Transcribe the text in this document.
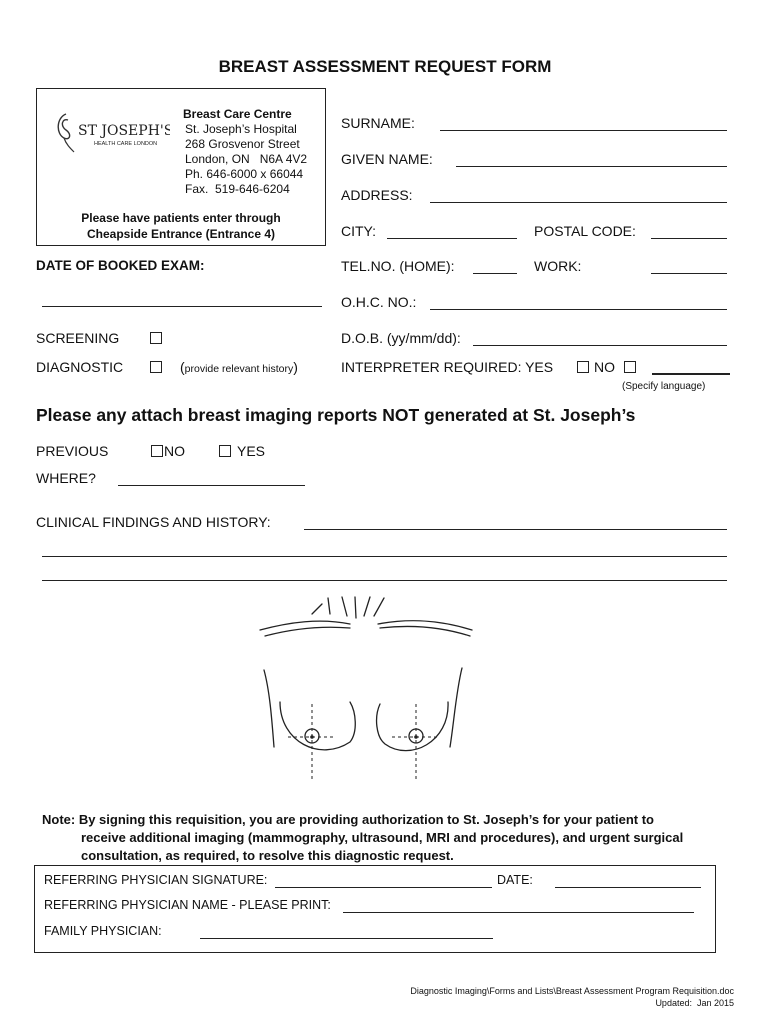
BREAST ASSESSMENT REQUEST FORM
ST JOSEPH'S
HEALTH CARE LONDON
Breast Care Centre
St. Joseph’s Hospital
268 Grosvenor Street
London, ON   N6A 4V2
Ph. 646-6000 x 66044
Fax.  519-646-6204
Please have patients enter through
Cheapside Entrance (Entrance 4)
SURNAME:
GIVEN NAME:
ADDRESS:
CITY:	POSTAL CODE:
TEL.NO. (HOME):	WORK:
O.H.C. NO.:
D.O.B. (yy/mm/dd):
INTERPRETER REQUIRED: YES	NO
(Specify language)
DATE OF BOOKED EXAM:
SCREENING
DIAGNOSTIC	(provide relevant history)
Please any attach breast imaging reports NOT generated at St. Joseph’s
PREVIOUS	NO	YES
WHERE?
CLINICAL FINDINGS AND HISTORY:
Note: By signing this requisition, you are providing authorization to St. Joseph’s for your patient to
receive additional imaging (mammography, ultrasound, MRI and procedures), and urgent surgical
consultation, as required, to resolve this diagnostic request.
REFERRING PHYSICIAN SIGNATURE:	DATE:
REFERRING PHYSICIAN NAME - PLEASE PRINT:
FAMILY PHYSICIAN:
Diagnostic Imaging\Forms and Lists\Breast Assessment Program Requisition.doc
Updated:  Jan 2015
